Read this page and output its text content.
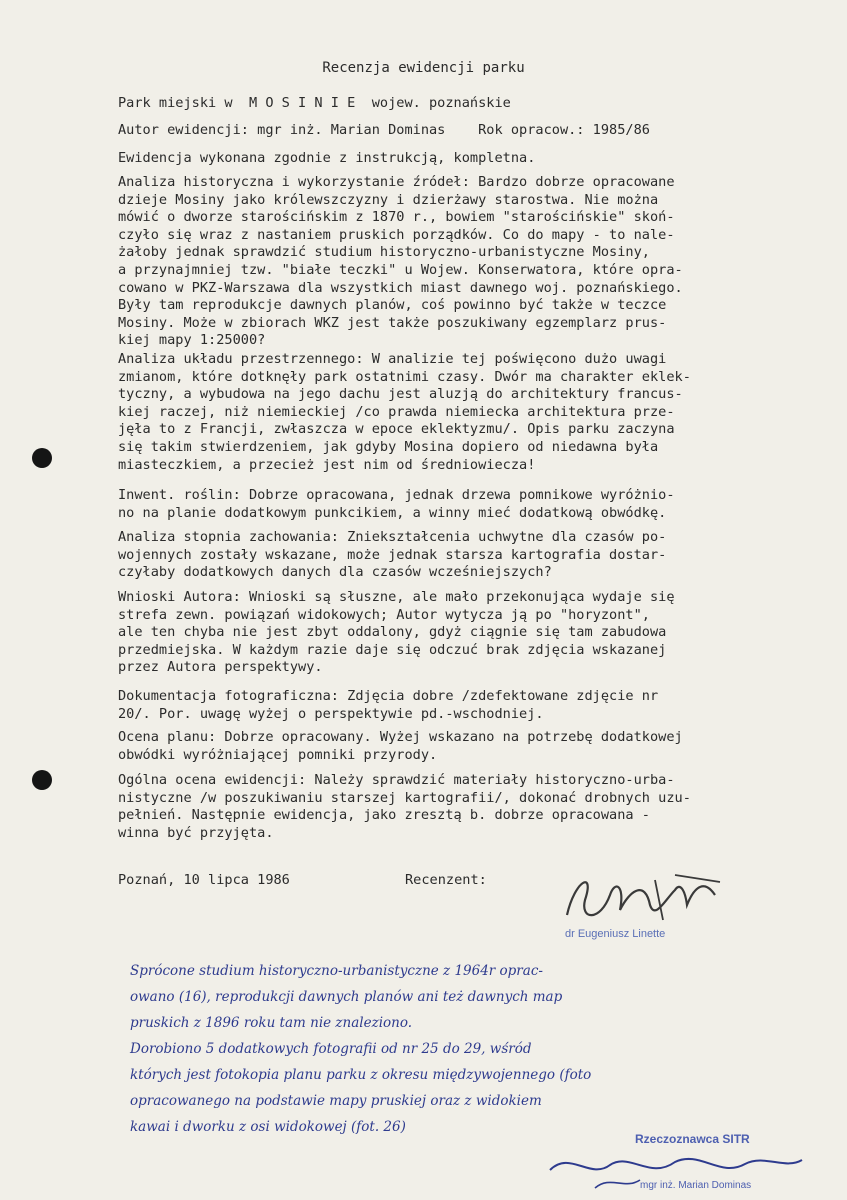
Recenzja ewidencji parku
Park miejski w  M O S I N I E  wojew. poznańskie
Autor ewidencji: mgr inż. Marian Dominas    Rok opracow.: 1985/86
Ewidencja wykonana zgodnie z instrukcją, kompletna.
Analiza historyczna i wykorzystanie źródeł: Bardzo dobrze opracowane
dzieje Mosiny jako królewszczyzny i dzierżawy starostwa. Nie można
mówić o dworze starościńskim z 1870 r., bowiem "starościńskie" skoń-
czyło się wraz z nastaniem pruskich porządków. Co do mapy - to nale-
żałoby jednak sprawdzić studium historyczno-urbanistyczne Mosiny,
a przynajmniej tzw. "białe teczki" u Wojew. Konserwatora, które opra-
cowano w PKZ-Warszawa dla wszystkich miast dawnego woj. poznańskiego.
Były tam reprodukcje dawnych planów, coś powinno być także w teczce
Mosiny. Może w zbiorach WKZ jest także poszukiwany egzemplarz prus-
kiej mapy 1:25000?
Analiza układu przestrzennego: W analizie tej poświęcono dużo uwagi
zmianom, które dotknęły park ostatnimi czasy. Dwór ma charakter eklek-
tyczny, a wybudowa na jego dachu jest aluzją do architektury francus-
kiej raczej, niż niemieckiej /co prawda niemiecka architektura prze-
jęła to z Francji, zwłaszcza w epoce eklektyzmu/. Opis parku zaczyna
się takim stwierdzeniem, jak gdyby Mosina dopiero od niedawna była
miasteczkiem, a przecież jest nim od średniowiecza!
Inwent. roślin: Dobrze opracowana, jednak drzewa pomnikowe wyróżnio-
no na planie dodatkowym punkcikiem, a winny mieć dodatkową obwódkę.
Analiza stopnia zachowania: Zniekształcenia uchwytne dla czasów po-
wojennych zostały wskazane, może jednak starsza kartografia dostar-
czyłaby dodatkowych danych dla czasów wcześniejszych?
Wnioski Autora: Wnioski są słuszne, ale mało przekonująca wydaje się
strefa zewn. powiązań widokowych; Autor wytycza ją po "horyzont",
ale ten chyba nie jest zbyt oddalony, gdyż ciągnie się tam zabudowa
przedmiejska. W każdym razie daje się odczuć brak zdjęcia wskazanej
przez Autora perspektywy.
Dokumentacja fotograficzna: Zdjęcia dobre /zdefektowane zdjęcie nr
20/. Por. uwagę wyżej o perspektywie pd.-wschodniej.
Ocena planu: Dobrze opracowany. Wyżej wskazano na potrzebę dodatkowej
obwódki wyróżniającej pomniki przyrody.
Ogólna ocena ewidencji: Należy sprawdzić materiały historyczno-urba-
nistyczne /w poszukiwaniu starszej kartografii/, dokonać drobnych uzu-
pełnień. Następnie ewidencja, jako zresztą b. dobrze opracowana -
winna być przyjęta.
Poznań, 10 lipca 1986	Recenzent:
dr Eugeniusz Linette
Sprócone studium historyczno-urbanistyczne z 1964r oprac-
owano (16), reprodukcji dawnych planów ani też dawnych map
pruskich z 1896 roku tam nie znaleziono.
Dorobiono 5 dodatkowych fotografii od nr 25 do 29, wśród
których jest fotokopia planu parku z okresu międzywojennego (foto
opracowanego na podstawie mapy pruskiej oraz z widokiem
kawai i dworku z osi widokowej (fot. 26)
Rzeczoznawca SITR
mgr inż. Marian Dominas
